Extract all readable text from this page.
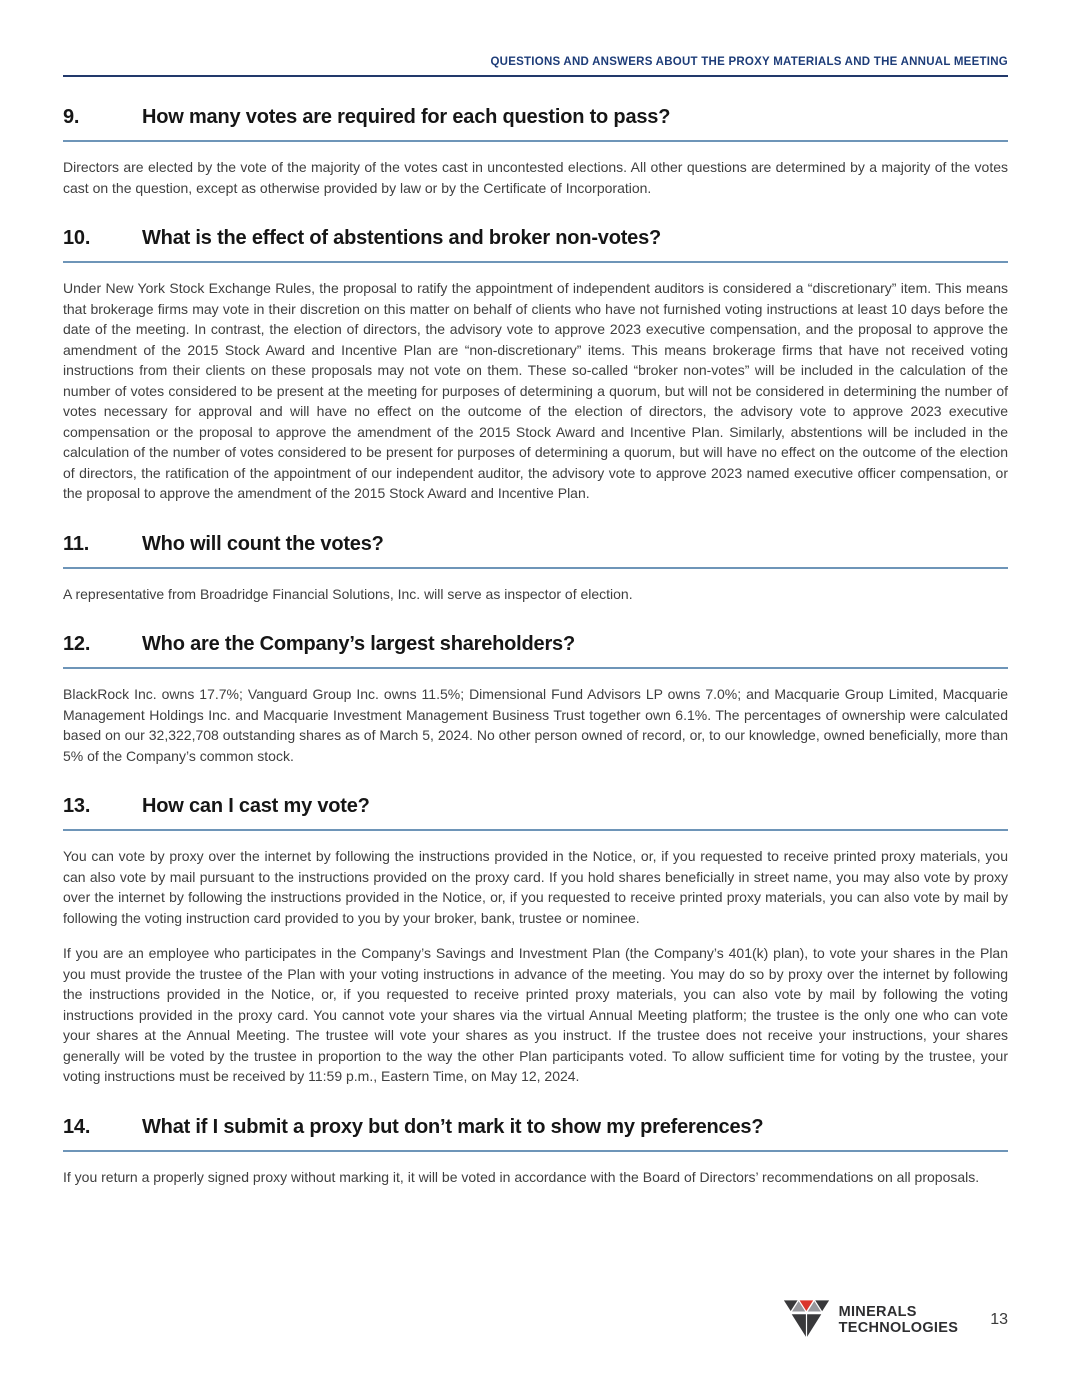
QUESTIONS AND ANSWERS ABOUT THE PROXY MATERIALS AND THE ANNUAL MEETING
9.	How many votes are required for each question to pass?

Directors are elected by the vote of the majority of the votes cast in uncontested elections. All other questions are determined by a majority of the votes cast on the question, except as otherwise provided by law or by the Certificate of Incorporation.

10.	What is the effect of abstentions and broker non-votes?

Under New York Stock Exchange Rules, the proposal to ratify the appointment of independent auditors is considered a “discretionary” item. This means that brokerage firms may vote in their discretion on this matter on behalf of clients who have not furnished voting instructions at least 10 days before the date of the meeting. In contrast, the election of directors, the advisory vote to approve 2023 executive compensation, and the proposal to approve the amendment of the 2015 Stock Award and Incentive Plan are “non-discretionary” items. This means brokerage firms that have not received voting instructions from their clients on these proposals may not vote on them. These so-called “broker non-votes” will be included in the calculation of the number of votes considered to be present at the meeting for purposes of determining a quorum, but will not be considered in determining the number of votes necessary for approval and will have no effect on the outcome of the election of directors, the advisory vote to approve 2023 executive compensation or the proposal to approve the amendment of the 2015 Stock Award and Incentive Plan. Similarly, abstentions will be included in the calculation of the number of votes considered to be present for purposes of determining a quorum, but will have no effect on the outcome of the election of directors, the ratification of the appointment of our independent auditor, the advisory vote to approve 2023 named executive officer compensation, or the proposal to approve the amendment of the 2015 Stock Award and Incentive Plan.

11.	Who will count the votes?

A representative from Broadridge Financial Solutions, Inc. will serve as inspector of election.

12.	Who are the Company’s largest shareholders?

BlackRock Inc. owns 17.7%; Vanguard Group Inc. owns 11.5%; Dimensional Fund Advisors LP owns 7.0%; and Macquarie Group Limited, Macquarie Management Holdings Inc. and Macquarie Investment Management Business Trust together own 6.1%. The percentages of ownership were calculated based on our 32,322,708 outstanding shares as of March 5, 2024. No other person owned of record, or, to our knowledge, owned beneficially, more than 5% of the Company’s common stock.

13.	How can I cast my vote?

You can vote by proxy over the internet by following the instructions provided in the Notice, or, if you requested to receive printed proxy materials, you can also vote by mail pursuant to the instructions provided on the proxy card. If you hold shares beneficially in street name, you may also vote by proxy over the internet by following the instructions provided in the Notice, or, if you requested to receive printed proxy materials, you can also vote by mail by following the voting instruction card provided to you by your broker, bank, trustee or nominee.

If you are an employee who participates in the Company’s Savings and Investment Plan (the Company’s 401(k) plan), to vote your shares in the Plan you must provide the trustee of the Plan with your voting instructions in advance of the meeting. You may do so by proxy over the internet by following the instructions provided in the Notice, or, if you requested to receive printed proxy materials, you can also vote by mail by following the voting instructions provided in the proxy card. You cannot vote your shares via the virtual Annual Meeting platform; the trustee is the only one who can vote your shares at the Annual Meeting. The trustee will vote your shares as you instruct. If the trustee does not receive your instructions, your shares generally will be voted by the trustee in proportion to the way the other Plan participants voted. To allow sufficient time for voting by the trustee, your voting instructions must be received by 11:59 p.m., Eastern Time, on May 12, 2024.

14.	What if I submit a proxy but don’t mark it to show my preferences?

If you return a properly signed proxy without marking it, it will be voted in accordance with the Board of Directors’ recommendations on all proposals.

MINERALS
TECHNOLOGIES 13
